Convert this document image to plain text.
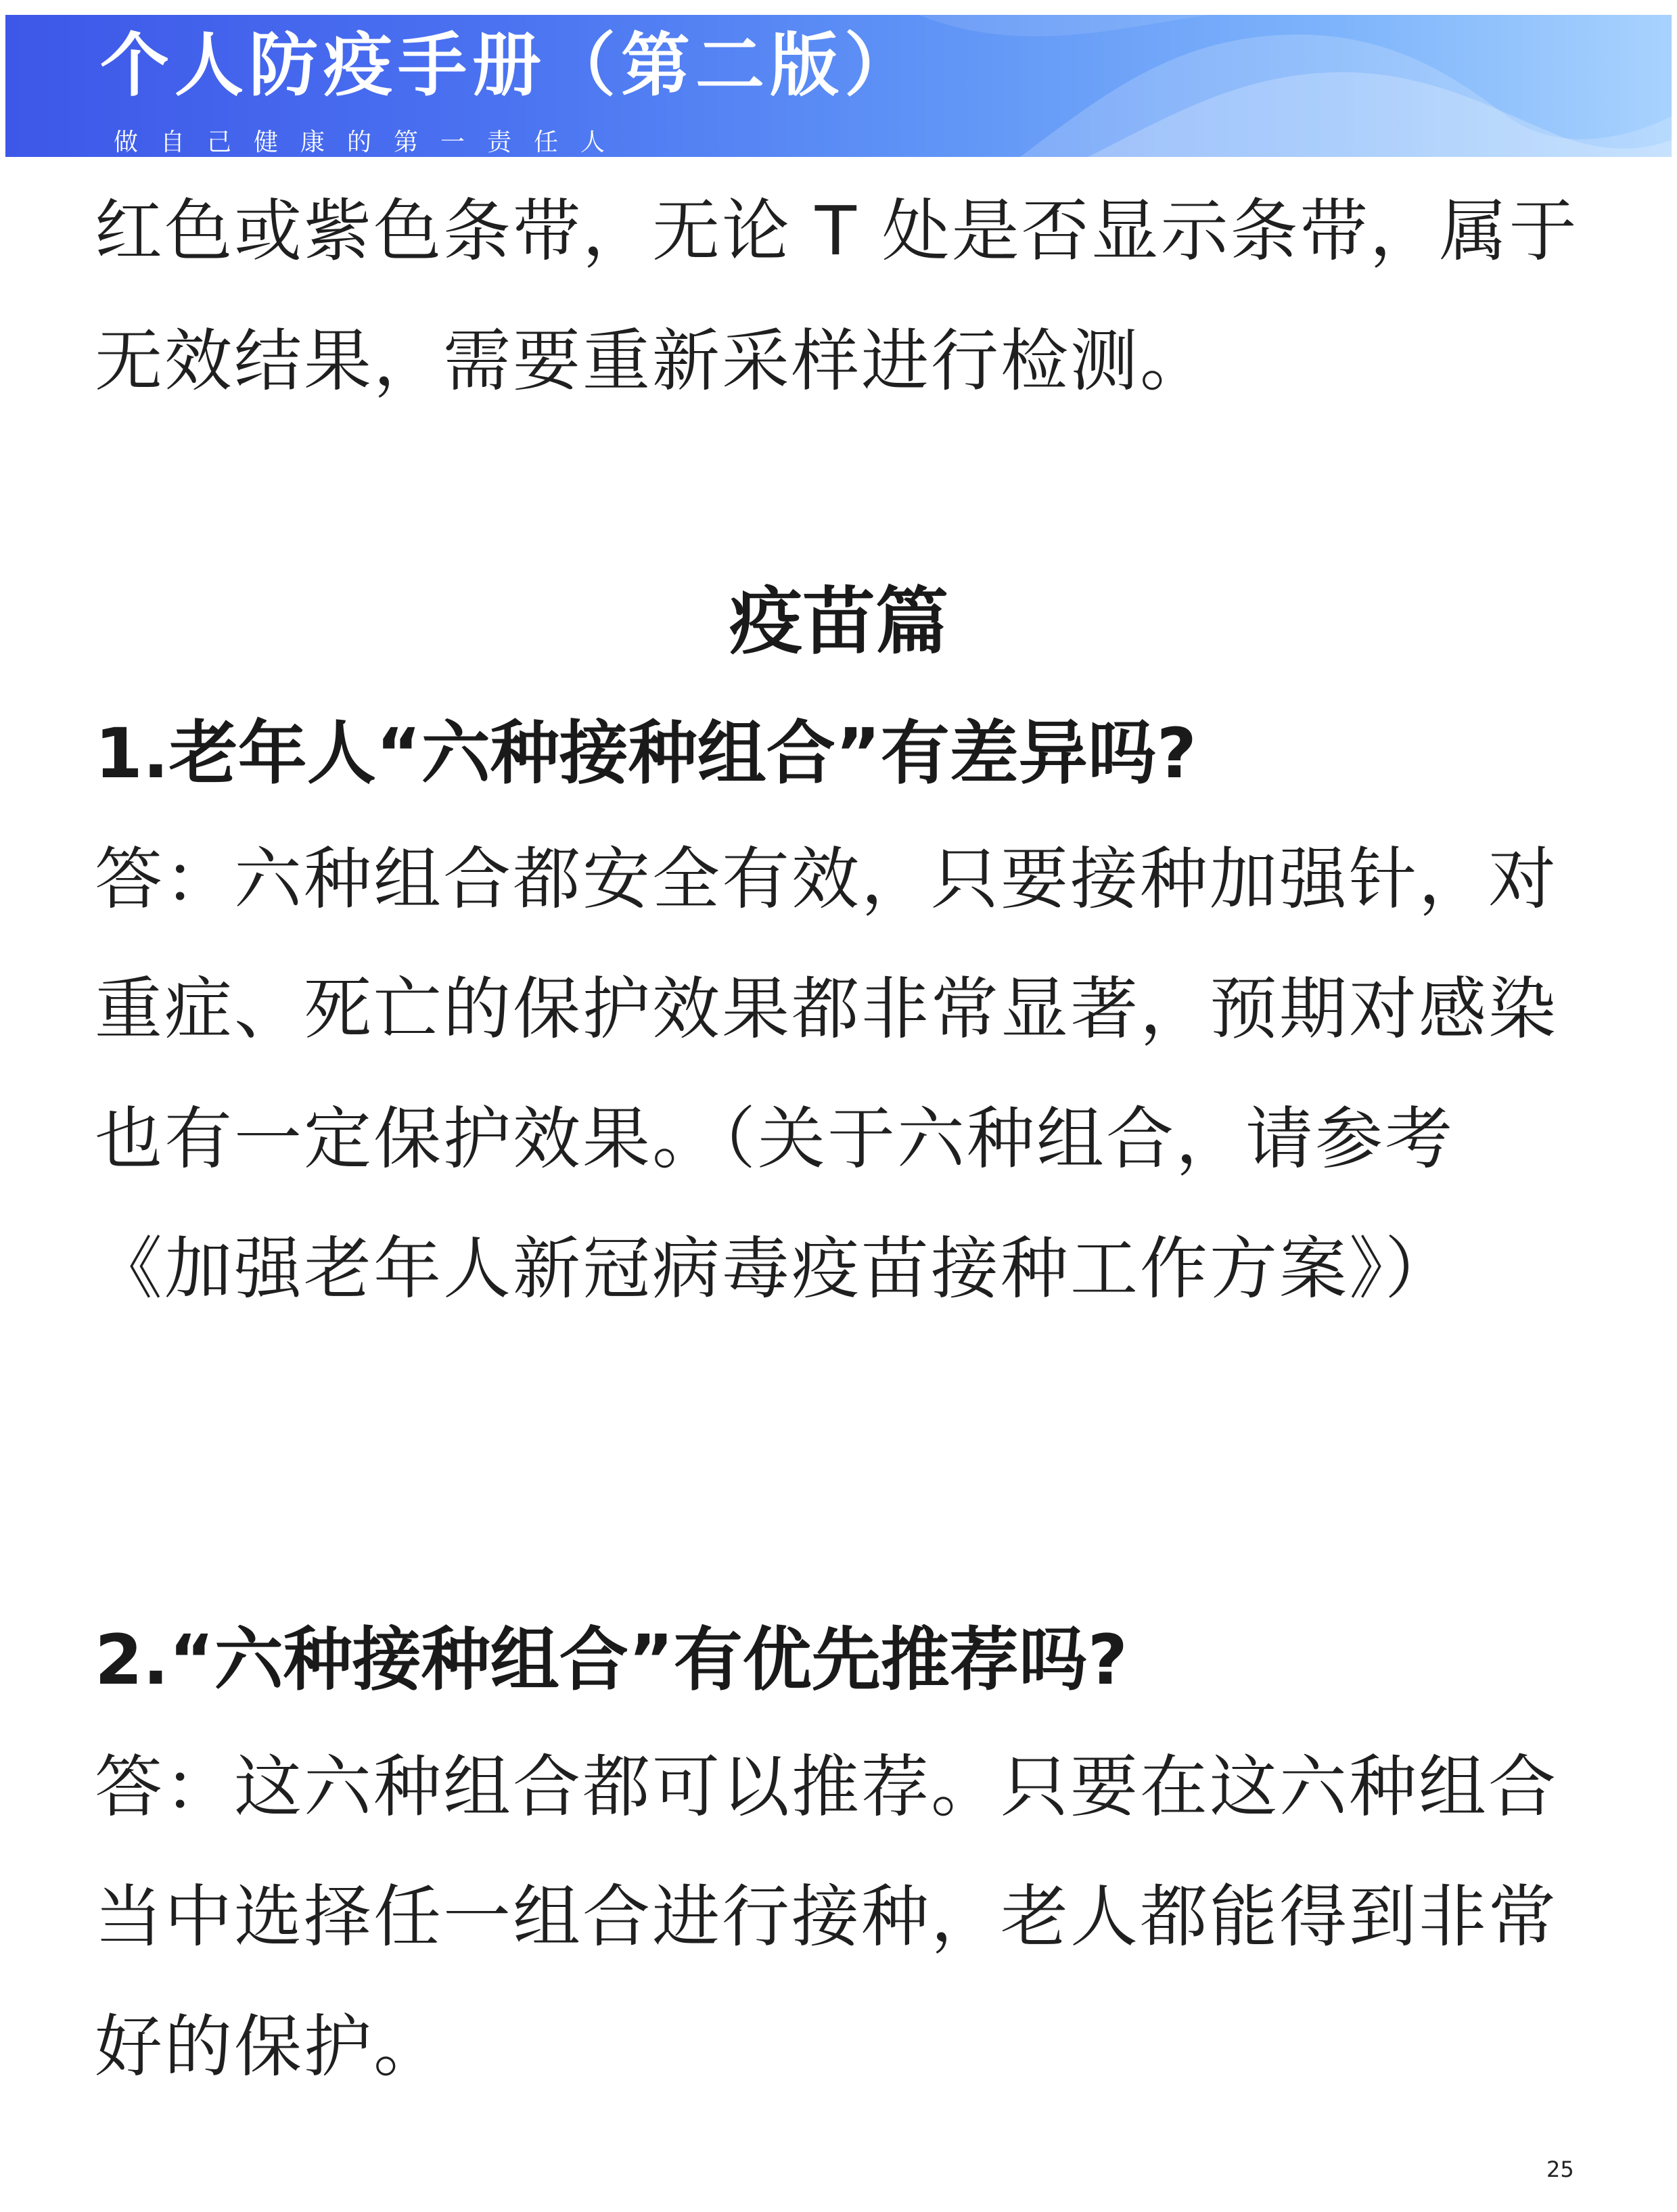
个人防疫手册（第二版）
做自己健康的第一责任人

红色或紫色条带，无论 T 处是否显示条带，属于无效结果，需要重新采样进行检测。

疫苗篇
1.老年人“六种接种组合”有差异吗?

答：六种组合都安全有效，只要接种加强针，对重症、死亡的保护效果都非常显著，预期对感染也有一定保护效果。（关于六种组合，请参考《加强老年人新冠病毒疫苗接种工作方案》）

2.“六种接种组合”有优先推荐吗?

答：这六种组合都可以推荐。只要在这六种组合当中选择任一组合进行接种，老人都能得到非常好的保护。

25
